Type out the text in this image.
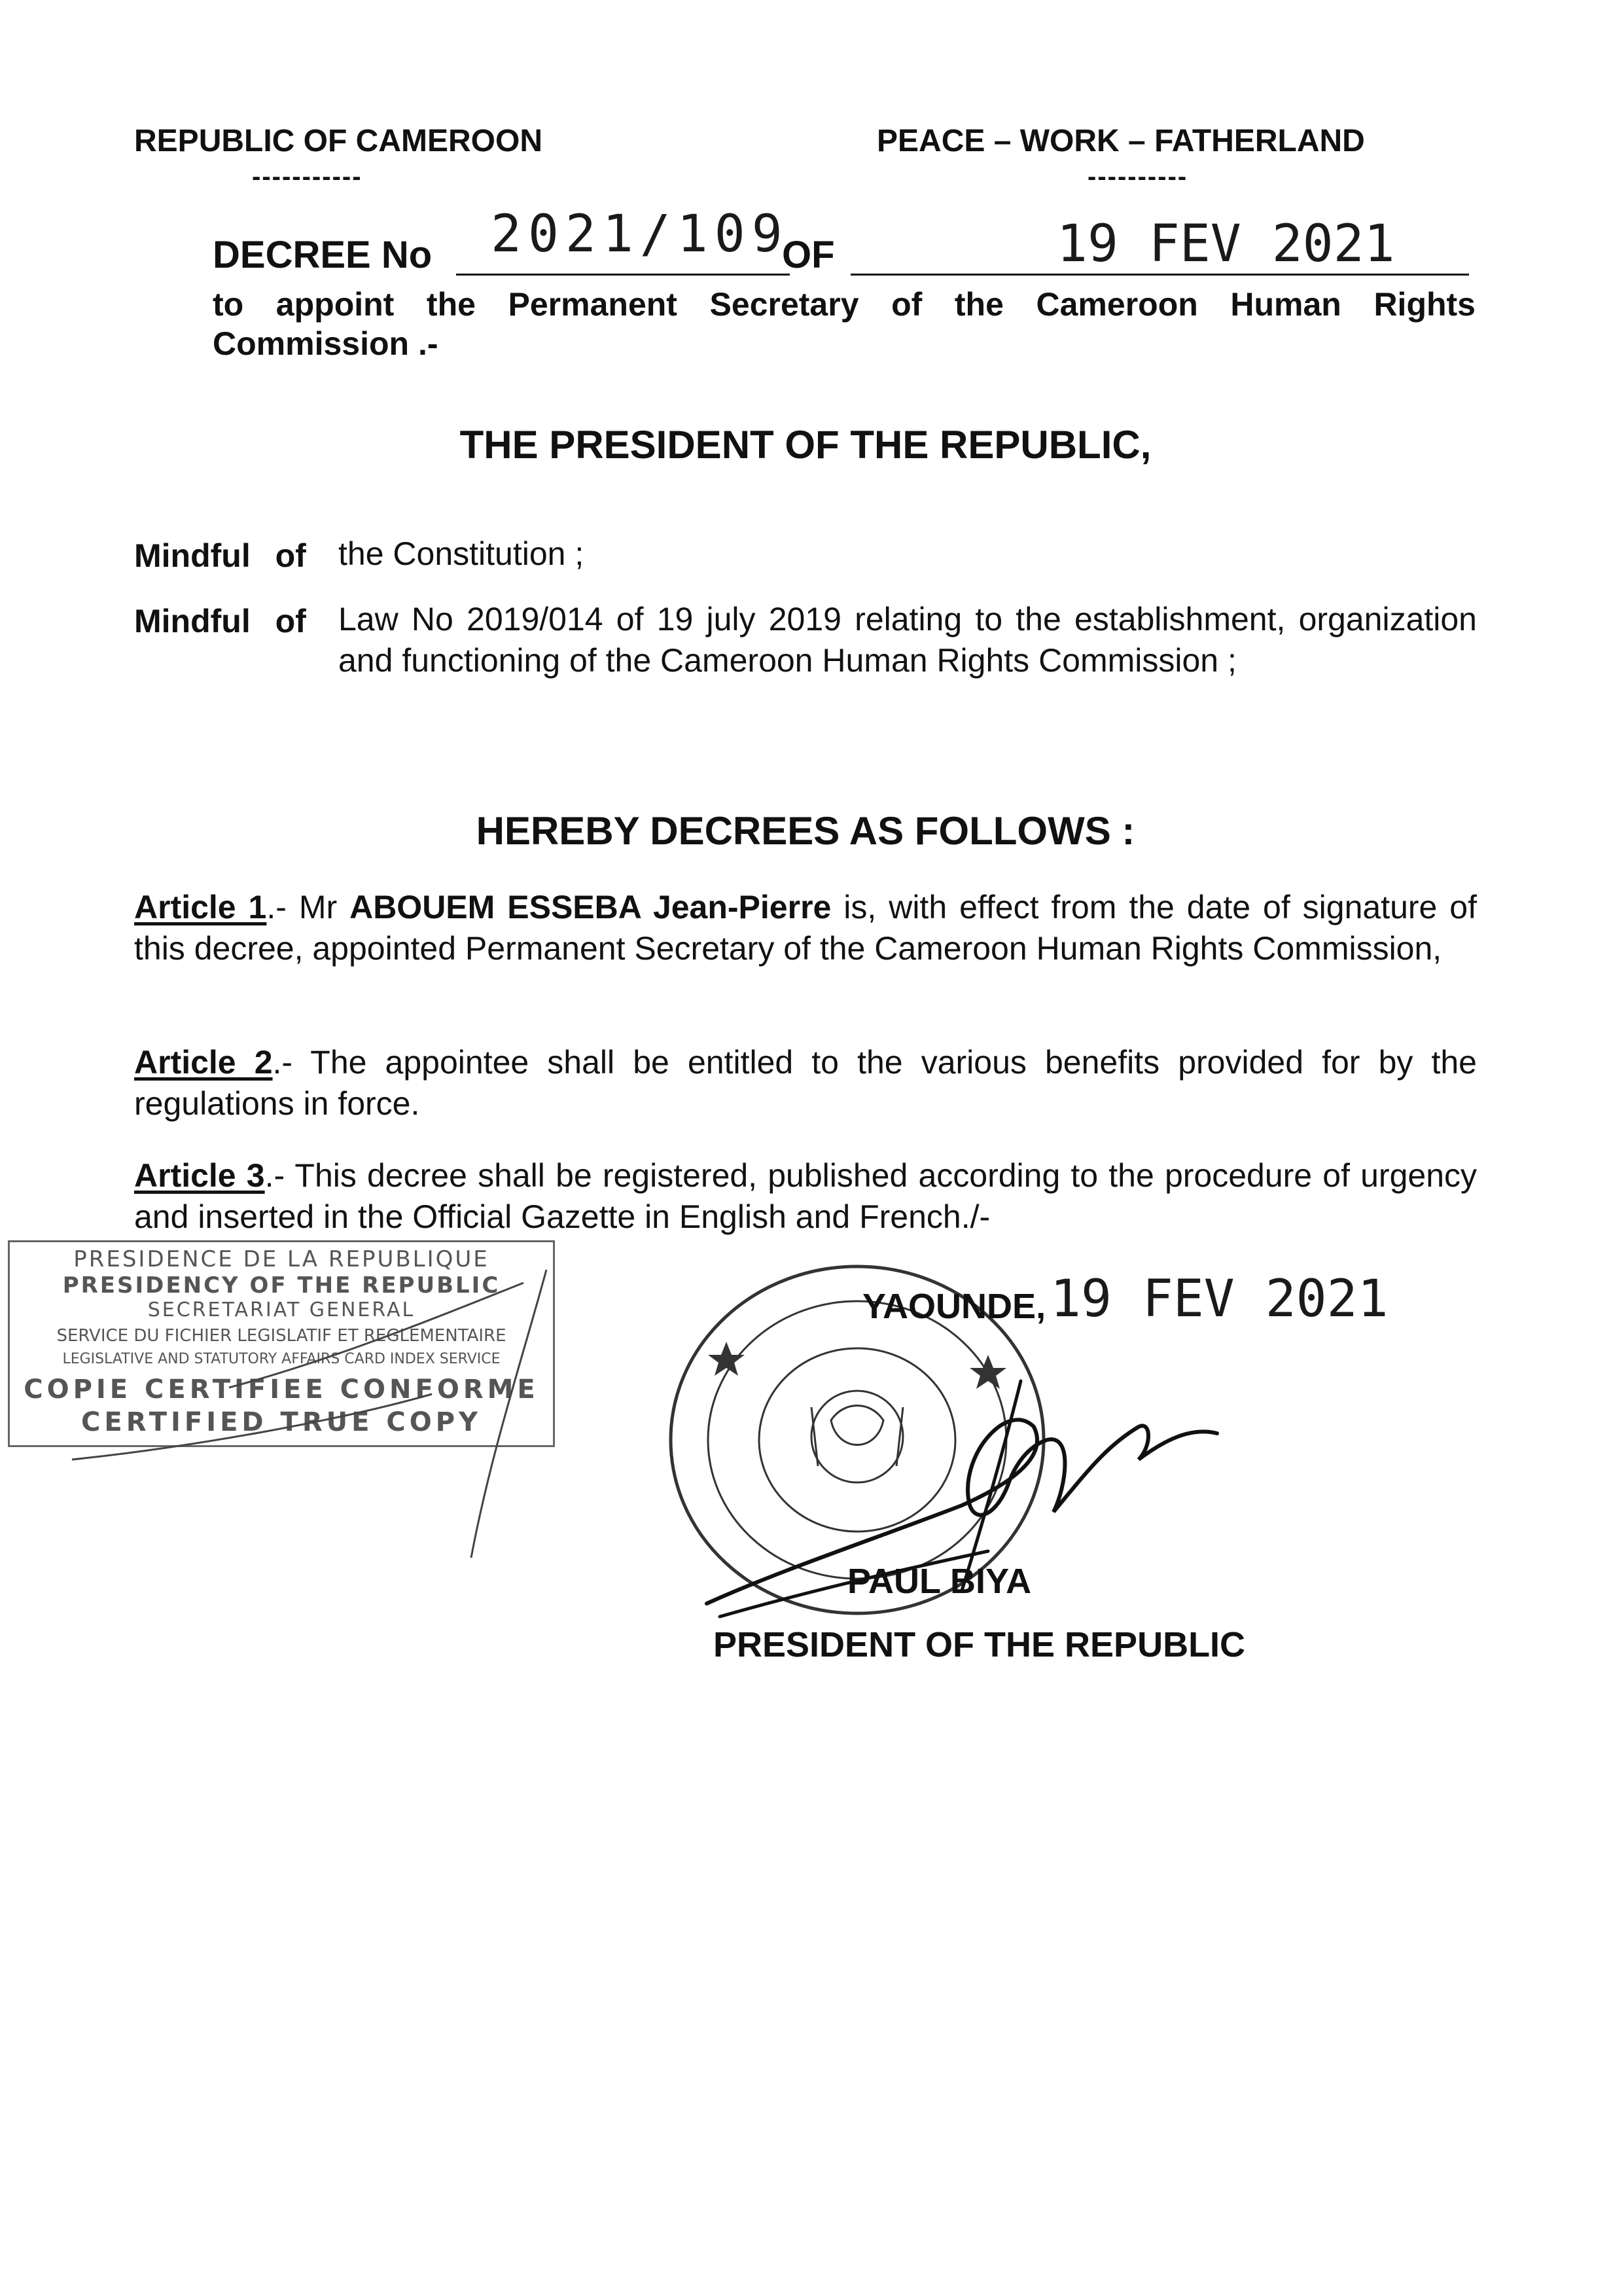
REPUBLIC OF CAMEROON
-----------
PEACE – WORK – FATHERLAND
----------
DECREE No 2021/109
OF	19 FEV 2021
to appoint the Permanent Secretary of the Cameroon Human Rights
Commission .-
THE PRESIDENT OF THE REPUBLIC,
Mindful of the Constitution ;
Mindful of Law No 2019/014 of 19 july 2019 relating to the establishment, organization and functioning of the Cameroon Human Rights Commission ;
HEREBY DECREES AS FOLLOWS :
Article 1.- Mr ABOUEM ESSEBA Jean-Pierre is, with effect from the date of signature of this decree, appointed Permanent Secretary of the Cameroon Human Rights Commission,
Article 2.- The appointee shall be entitled to the various benefits provided for by the regulations in force.
Article 3.- This decree shall be registered, published according to the procedure of urgency and inserted in the Official Gazette in English and French./-
PRESIDENCE DE LA REPUBLIQUE
PRESIDENCY OF THE REPUBLIC
SECRETARIAT GENERAL
SERVICE DU FICHIER LEGISLATIF ET REGLEMENTAIRE
LEGISLATIVE AND STATUTORY AFFAIRS CARD INDEX SERVICE
COPIE CERTIFIEE CONFORME
CERTIFIED TRUE COPY
YAOUNDE, 19 FEV 2021
PAUL BIYA
PRESIDENT OF THE REPUBLIC
